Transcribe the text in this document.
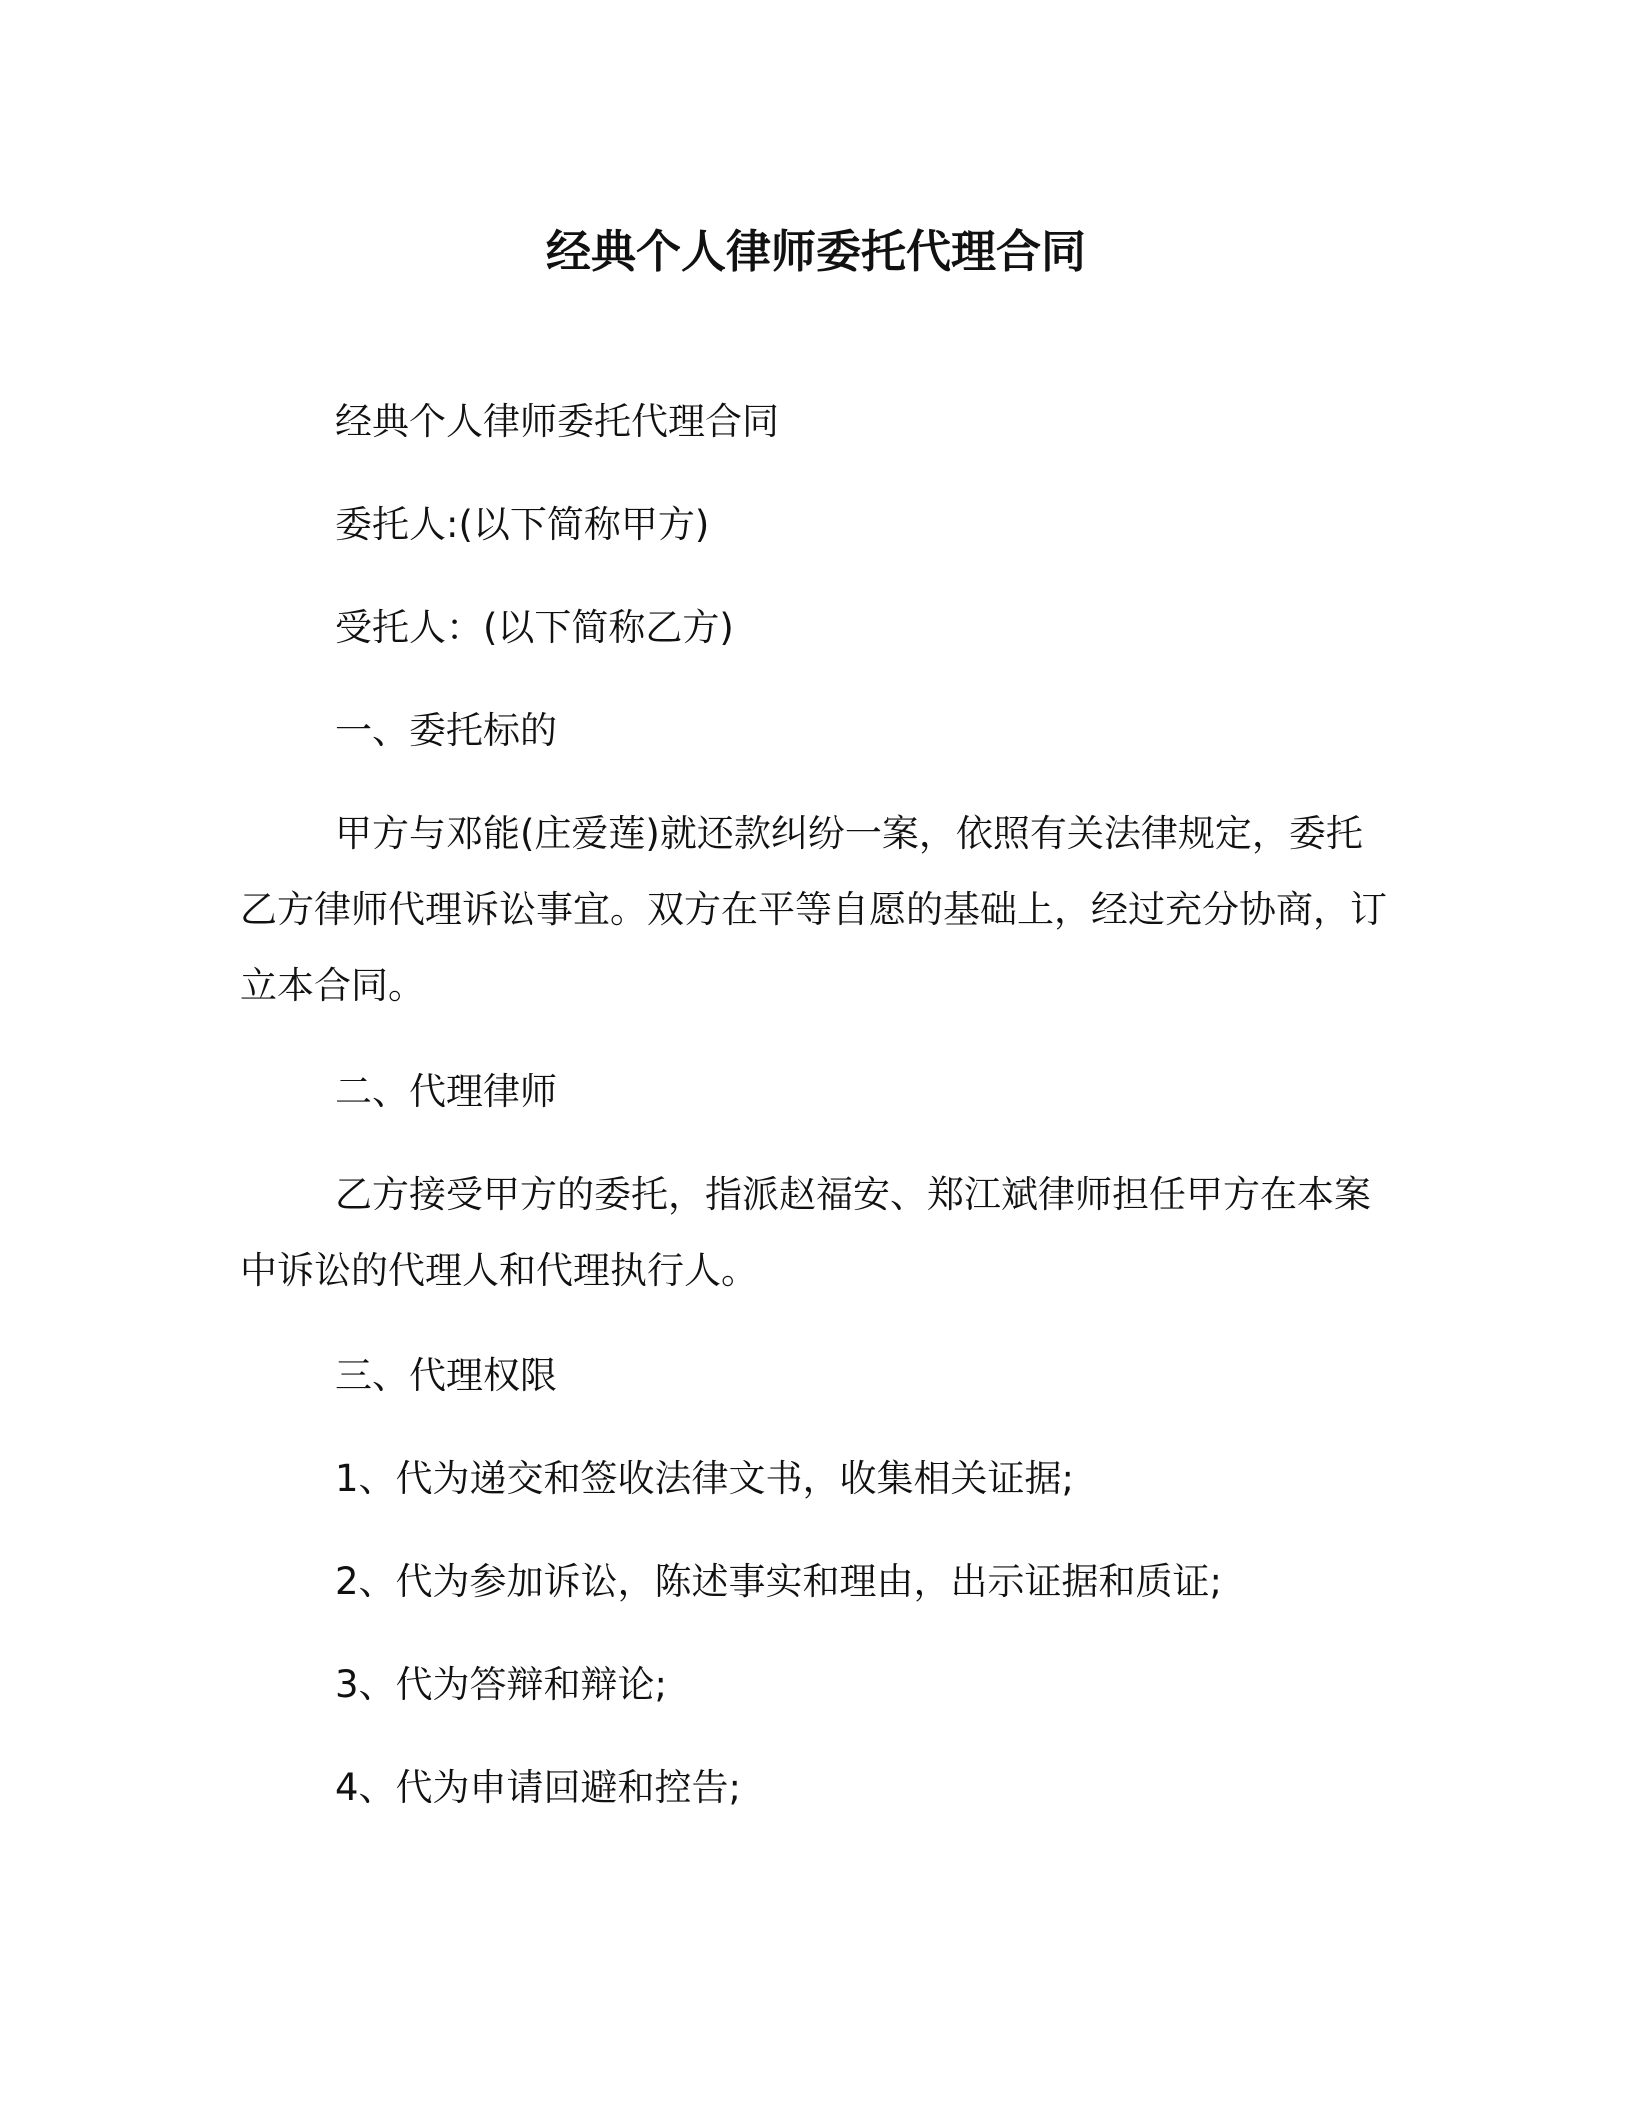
经典个人律师委托代理合同
经典个人律师委托代理合同
委托人:(以下简称甲方)
受托人：(以下简称乙方)
一、委托标的
甲方与邓能(庄爱莲)就还款纠纷一案，依照有关法律规定，委托乙方律师代理诉讼事宜。双方在平等自愿的基础上，经过充分协商，订立本合同。
二、代理律师
乙方接受甲方的委托，指派赵福安、郑江斌律师担任甲方在本案中诉讼的代理人和代理执行人。
三、代理权限
1、代为递交和签收法律文书，收集相关证据;
2、代为参加诉讼，陈述事实和理由，出示证据和质证;
3、代为答辩和辩论;
4、代为申请回避和控告;
